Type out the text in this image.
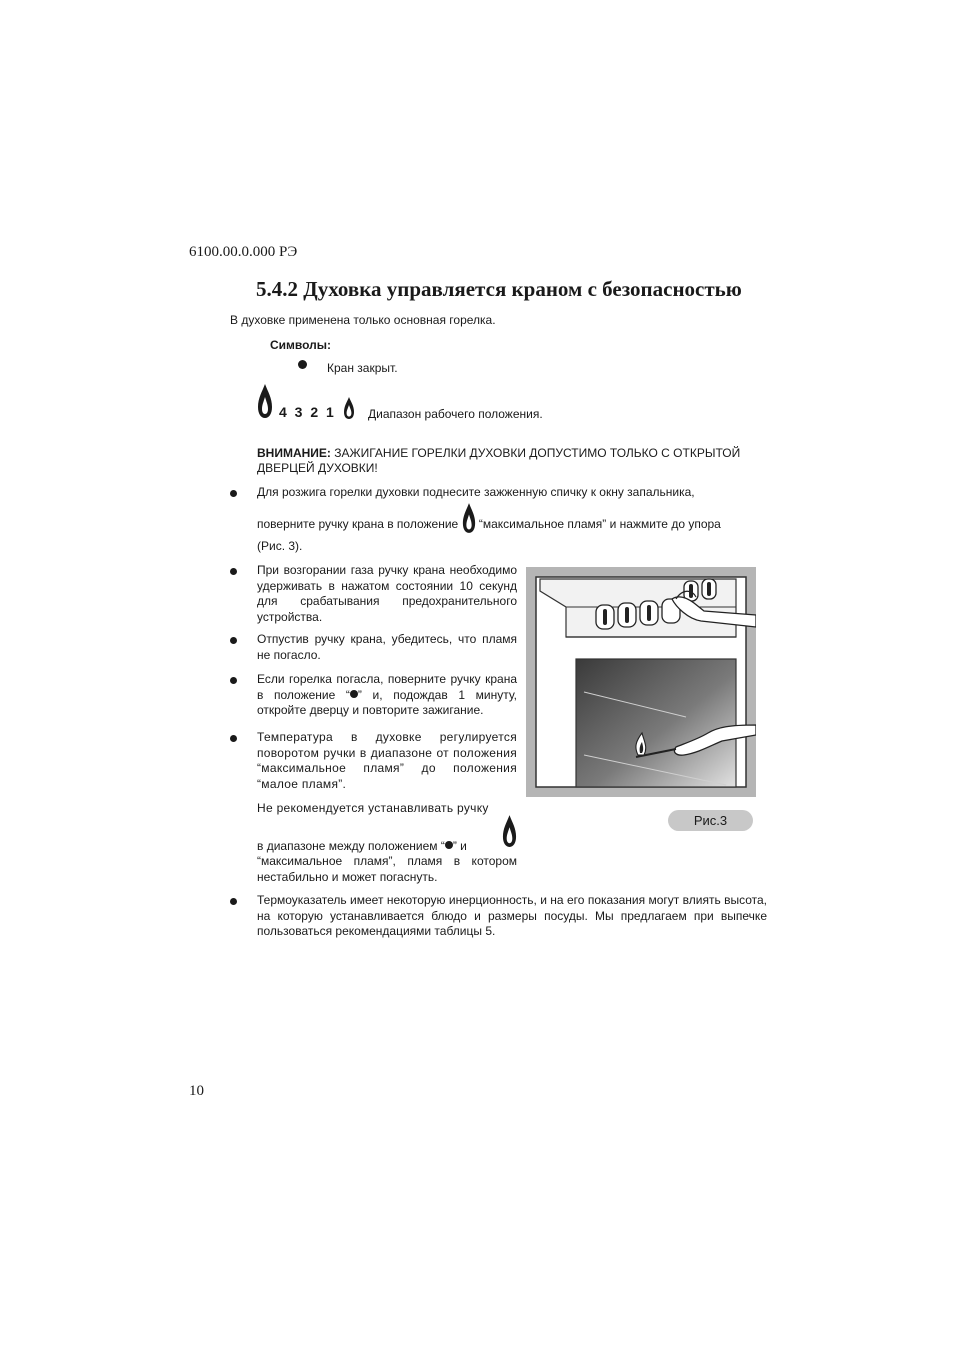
6100.00.0.000 РЭ
5.4.2 Духовка управляется краном с безопасностью
В духовке применена только основная горелка.
Символы:
Кран закрыт.
4 3 2 1	Диапазон рабочего положения.
ВНИМАНИЕ: ЗАЖИГАНИЕ ГОРЕЛКИ ДУХОВКИ ДОПУСТИМО ТОЛЬКО С ОТКРЫТОЙ ДВЕРЦЕЙ ДУХОВКИ!
Для розжига горелки духовки поднесите зажженную спичку к окну запальника,
поверните ручку крана в положение  “максимальное пламя” и нажмите до упора
(Рис. 3).
При возгорании газа ручку крана необходимо удерживать в нажатом состоянии 10 секунд для срабатывания предохранительного устройства.
Отпустив ручку крана, убедитесь, что пламя не погасло.
Если горелка погасла, поверните ручку крана в положение “ ” и, подождав 1 минуту, откройте дверцу и повторите зажигание.
Температура в духовке регулируется поворотом ручки в диапазоне от положения “максимальное пламя” до положения “малое пламя”.
Не рекомендуется устанавливать ручку
в диапазоне между положением “ ” и
“максимальное пламя”, пламя в котором нестабильно и может погаснуть.
Термоуказатель имеет некоторую инерционность, и на его показания могут влиять высота, на которую устанавливается блюдо и размеры посуды. Мы предлагаем при выпечке пользоваться рекомендациями таблицы 5.
Рис.3
10
